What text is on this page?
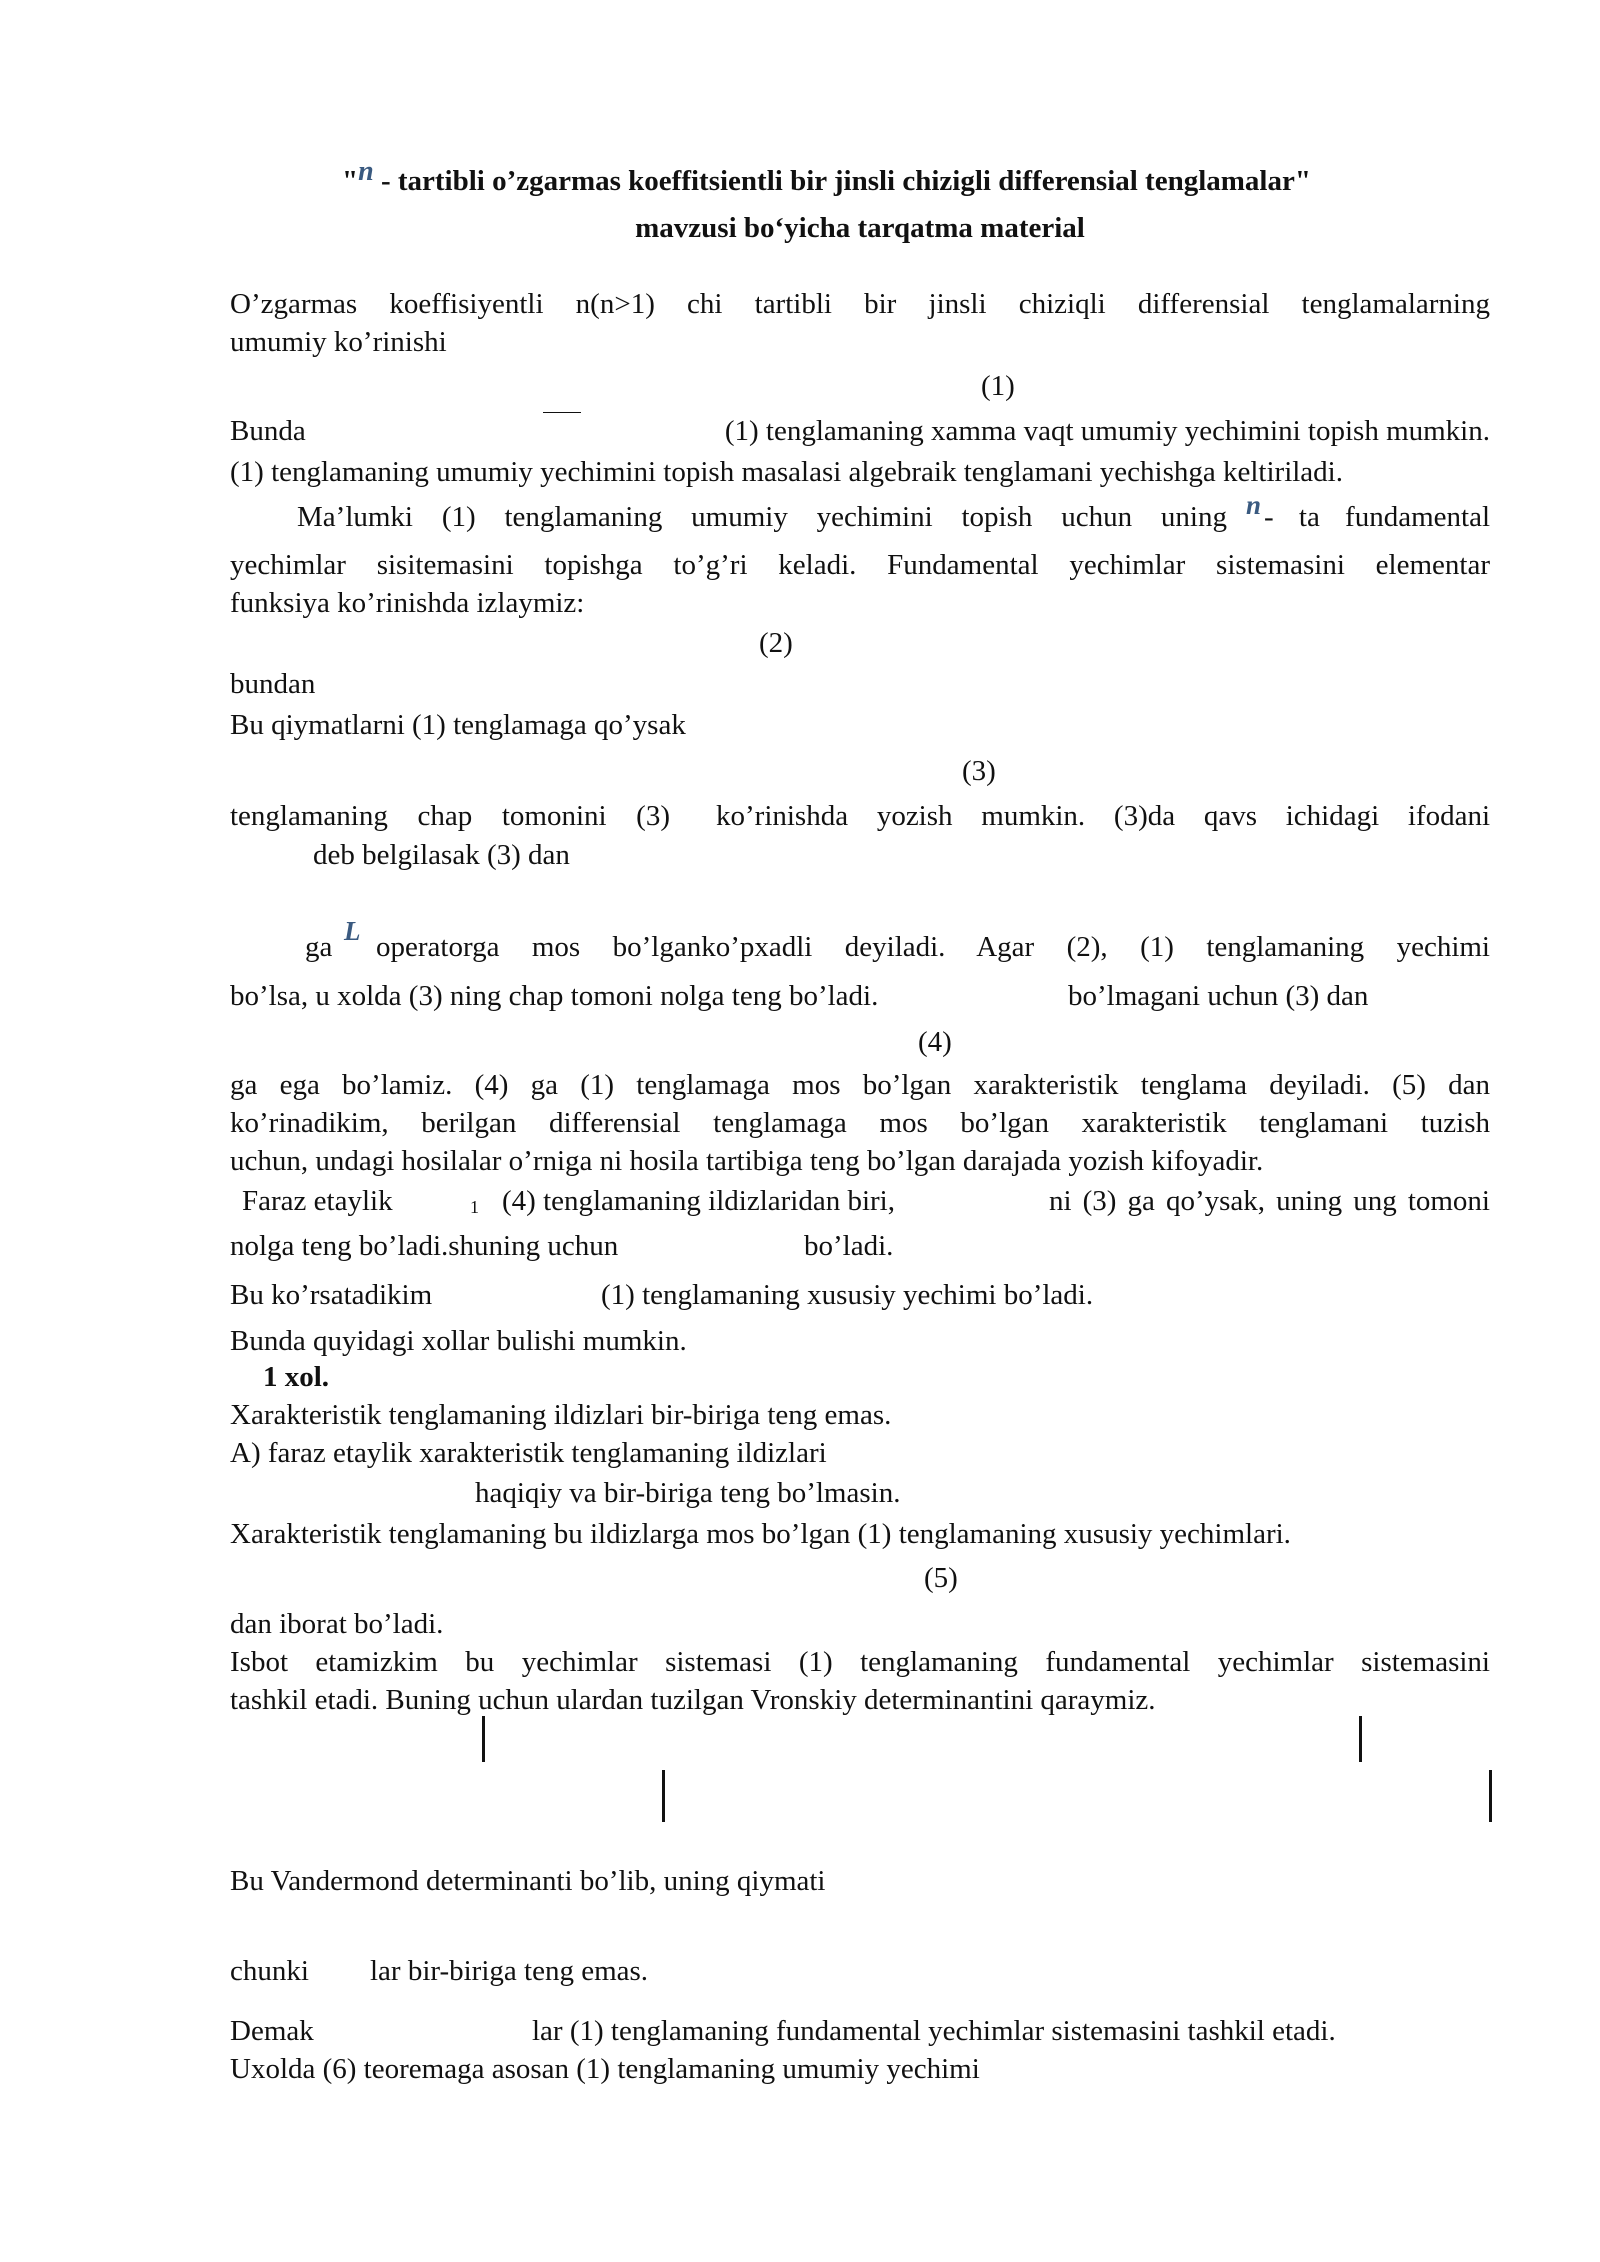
"n - tartibli o’zgarmas koeffitsientli bir jinsli chizigli differensial tenglamalar"
mavzusi bo‘yicha tarqatma material
O’zgarmas koeffisiyentli n(n>1) chi tartibli bir jinsli chiziqli differensial tenglamalarning
umumiy ko’rinishi
(1)
Bunda	(1) tenglamaning xamma vaqt umumiy yechimini topish mumkin.
(1) tenglamaning umumiy yechimini topish masalasi algebraik tenglamani yechishga keltiriladi.
Ma’lumki (1) tenglamaning umumiy yechimini topish uchun uning n - ta fundamental
yechimlar sisitemasini topishga to’g’ri keladi. Fundamental yechimlar sistemasini elementar
funksiya ko’rinishda izlaymiz:
(2)
bundan
Bu qiymatlarni (1) tenglamaga qo’ysak
(3)
tenglamaning chap tomonini (3) ko’rinishda yozish mumkin. (3)da qavs ichidagi ifodani
deb belgilasak (3) dan
ga L operatorga mos bo’lganko’pxadli deyiladi. Agar (2), (1) tenglamaning yechimi
bo’lsa, u xolda (3) ning chap tomoni nolga teng bo’ladi.	bo’lmagani uchun (3) dan
(4)
ga ega bo’lamiz. (4) ga (1) tenglamaga mos bo’lgan xarakteristik tenglama deyiladi. (5) dan
ko’rinadikim, berilgan differensial tenglamaga mos bo’lgan xarakteristik tenglamani tuzish
uchun, undagi hosilalar o’rniga ni hosila tartibiga teng bo’lgan darajada yozish kifoyadir.
Faraz etaylik	1 (4) tenglamaning ildizlaridan biri,	ni (3) ga qo’ysak, uning ung tomoni
nolga teng bo’ladi.shuning uchun	bo’ladi.
Bu ko’rsatadikim	(1) tenglamaning xususiy yechimi bo’ladi.
Bunda quyidagi xollar bulishi mumkin.
1 xol.
Xarakteristik tenglamaning ildizlari bir-biriga teng emas.
A) faraz etaylik xarakteristik tenglamaning ildizlari
haqiqiy va bir-biriga teng bo’lmasin.
Xarakteristik tenglamaning bu ildizlarga mos bo’lgan (1) tenglamaning xususiy yechimlari.
(5)
dan iborat bo’ladi.
Isbot etamizkim bu yechimlar sistemasi (1) tenglamaning fundamental yechimlar sistemasini
tashkil etadi. Buning uchun ulardan tuzilgan Vronskiy determinantini qaraymiz.
Bu Vandermond determinanti bo’lib, uning qiymati
chunki	lar bir-biriga teng emas.
Demak	lar (1) tenglamaning fundamental yechimlar sistemasini tashkil etadi.
Uxolda (6) teoremaga asosan (1) tenglamaning umumiy yechimi
